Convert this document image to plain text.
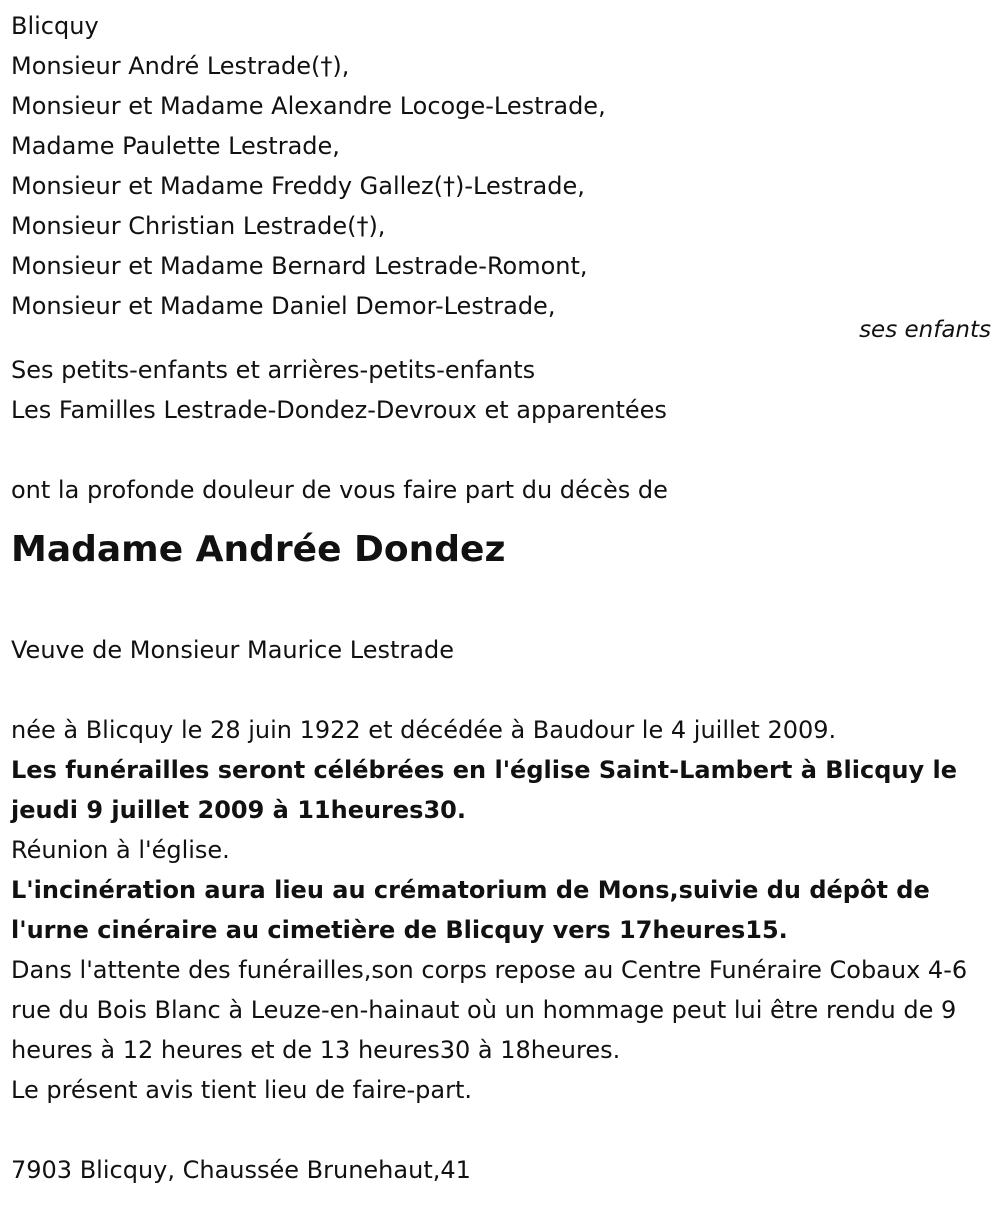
Blicquy
Monsieur André Lestrade(†),
Monsieur et Madame Alexandre Locoge-Lestrade,
Madame Paulette Lestrade,
Monsieur et Madame Freddy Gallez(†)-Lestrade,
Monsieur Christian Lestrade(†),
Monsieur et Madame Bernard Lestrade-Romont,
Monsieur et Madame Daniel Demor-Lestrade,
Ses petits-enfants et arrières-petits-enfants
Les Familles Lestrade-Dondez-Devroux et apparentées
ont la profonde douleur de vous faire part du décès de
Madame Andrée Dondez
Veuve de Monsieur Maurice Lestrade
née à Blicquy le 28 juin 1922 et décédée à Baudour le 4 juillet 2009.
Les funérailles seront célébrées en l'église Saint-Lambert à Blicquy le jeudi 9 juillet 2009 à 11heures30.
Réunion à l'église.
L'incinération aura lieu au crématorium de Mons,suivie du dépôt de l'urne cinéraire au cimetière de Blicquy vers 17heures15.
Dans l'attente des funérailles,son corps repose au Centre Funéraire Cobaux 4-6 rue du Bois Blanc à Leuze-en-hainaut où un hommage peut lui être rendu de 9 heures à 12 heures et de 13 heures30 à 18heures.
Le présent avis tient lieu de faire-part.
7903 Blicquy, Chaussée Brunehaut,41
ses enfants
